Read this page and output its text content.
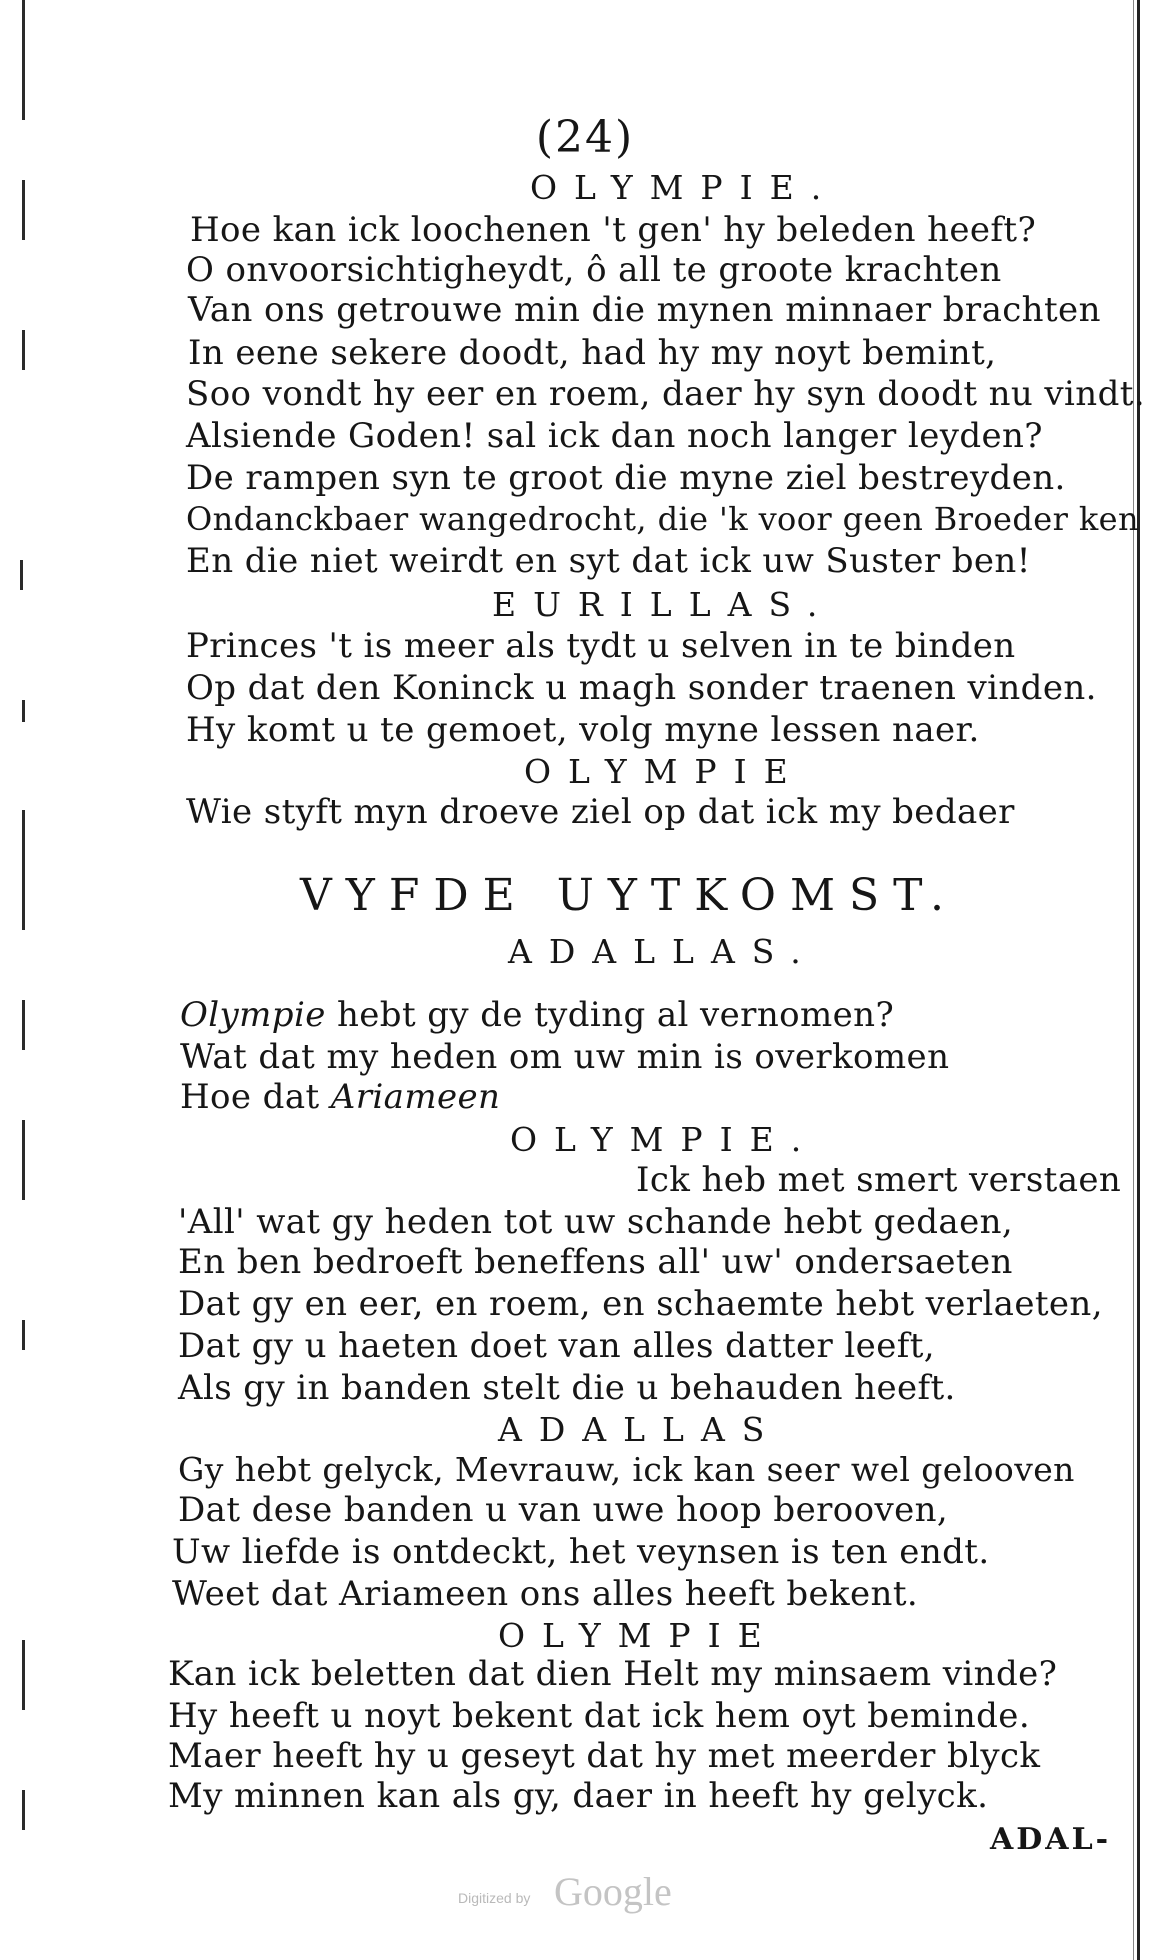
(24)
OLYMPIE.
Hoe kan ick loochenen 't gen' hy beleden heeft?
O onvoorsichtigheydt, ô all te groote krachten
Van ons getrouwe min die mynen minnaer brachten
In eene sekere doodt, had hy my noyt bemint,
Soo vondt hy eer en roem, daer hy syn doodt nu vindt.
Alsiende Goden! sal ick dan noch langer leyden?
De rampen syn te groot die myne ziel bestreyden.
Ondanckbaer wangedrocht, die 'k voor geen Broeder ken
En die niet weirdt en syt dat ick uw Suster ben!
EURILLAS.
Princes 't is meer als tydt u selven in te binden
Op dat den Koninck u magh sonder traenen vinden.
Hy komt u te gemoet, volg myne lessen naer.
OLYMPIE
Wie styft myn droeve ziel op dat ick my bedaer
VYFDE UYTKOMST.
ADALLAS.
Olympie hebt gy de tyding al vernomen?
Wat dat my heden om uw min is overkomen
Hoe dat Ariameen
OLYMPIE.
Ick heb met smert verstaen
'All' wat gy heden tot uw schande hebt gedaen,
En ben bedroeft beneffens all' uw' ondersaeten
Dat gy en eer, en roem, en schaemte hebt verlaeten,
Dat gy u haeten doet van alles datter leeft,
Als gy in banden stelt die u behauden heeft.
ADALLAS
Gy hebt gelyck, Mevrauw, ick kan seer wel gelooven
Dat dese banden u van uwe hoop berooven,
Uw liefde is ontdeckt, het veynsen is ten endt.
Weet dat Ariameen ons alles heeft bekent.
OLYMPIE
Kan ick beletten dat dien Helt my minsaem vinde?
Hy heeft u noyt bekent dat ick hem oyt beminde.
Maer heeft hy u geseyt dat hy met meerder blyck
My minnen kan als gy, daer in heeft hy gelyck.
ADAL-
Digitized by Google
